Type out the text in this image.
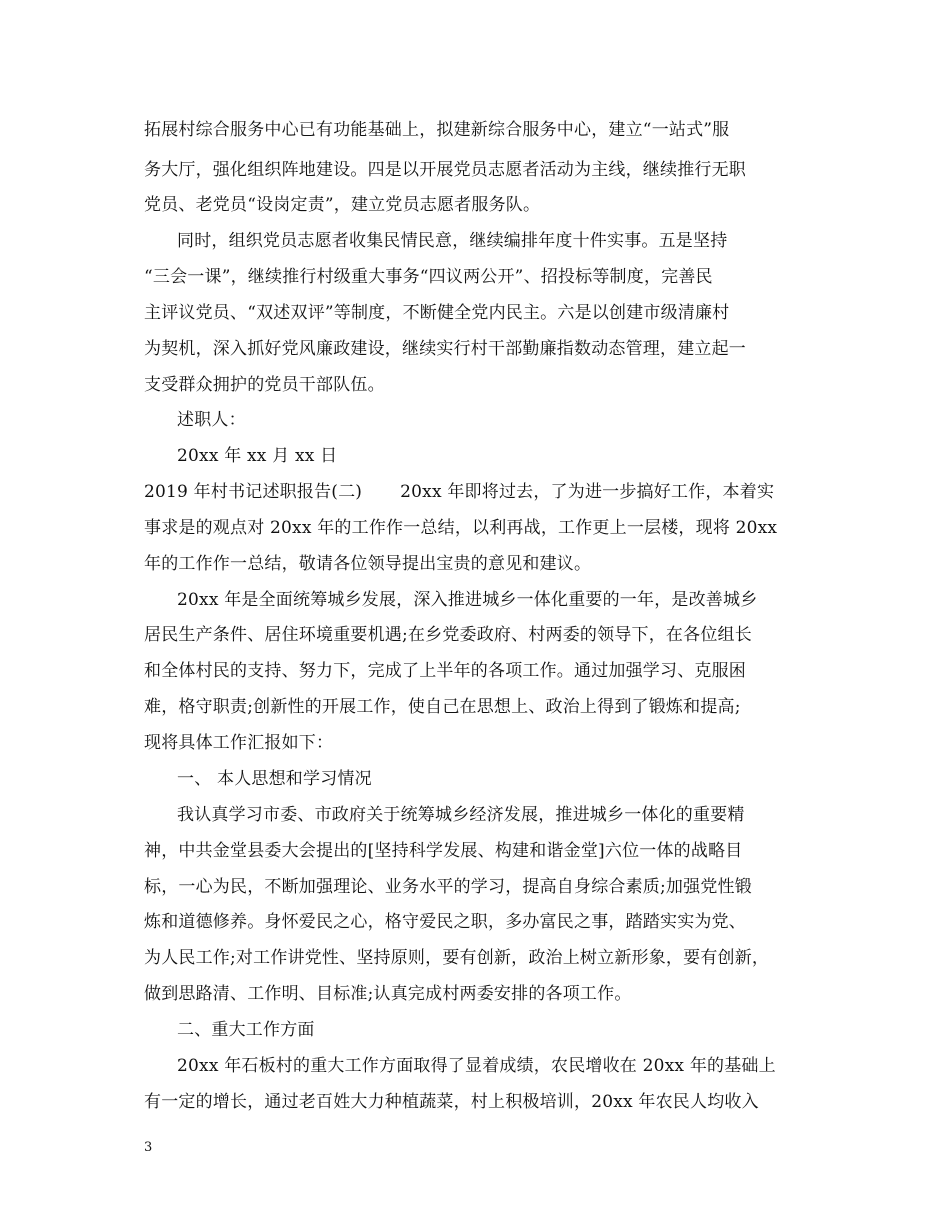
拓展村综合服务中心已有功能基础上，拟建新综合服务中心，建立“一站式”服
务大厅，强化组织阵地建设。四是以开展党员志愿者活动为主线，继续推行无职
党员、老党员“设岗定责”，建立党员志愿者服务队。
同时，组织党员志愿者收集民情民意，继续编排年度十件实事。五是坚持
“三会一课”，继续推行村级重大事务“四议两公开”、招投标等制度，完善民
主评议党员、“双述双评”等制度，不断健全党内民主。六是以创建市级清廉村
为契机，深入抓好党风廉政建设，继续实行村干部勤廉指数动态管理，建立起一
支受群众拥护的党员干部队伍。
述职人：
20xx 年 xx 月 xx 日
2019 年村书记述职报告(二) 20xx 年即将过去，了为进一步搞好工作，本着实
事求是的观点对 20xx 年的工作作一总结，以利再战，工作更上一层楼，现将 20xx
年的工作作一总结，敬请各位领导提出宝贵的意见和建议。
20xx 年是全面统筹城乡发展，深入推进城乡一体化重要的一年，是改善城乡
居民生产条件、居住环境重要机遇;在乡党委政府、村两委的领导下，在各位组长
和全体村民的支持、努力下，完成了上半年的各项工作。通过加强学习、克服困
难，格守职责;创新性的开展工作，使自己在思想上、政治上得到了锻炼和提高;
现将具体工作汇报如下：
一、 本人思想和学习情况
我认真学习市委、市政府关于统筹城乡经济发展，推进城乡一体化的重要精
神，中共金堂县委大会提出的[坚持科学发展、构建和谐金堂]六位一体的战略目
标，一心为民，不断加强理论、业务水平的学习，提高自身综合素质;加强党性锻
炼和道德修养。身怀爱民之心，格守爱民之职，多办富民之事，踏踏实实为党、
为人民工作;对工作讲党性、坚持原则，要有创新，政治上树立新形象，要有创新，
做到思路清、工作明、目标准;认真完成村两委安排的各项工作。
二、重大工作方面
20xx 年石板村的重大工作方面取得了显着成绩，农民增收在 20xx 年的基础上
有一定的增长，通过老百姓大力种植蔬菜，村上积极培训，20xx 年农民人均收入
3
